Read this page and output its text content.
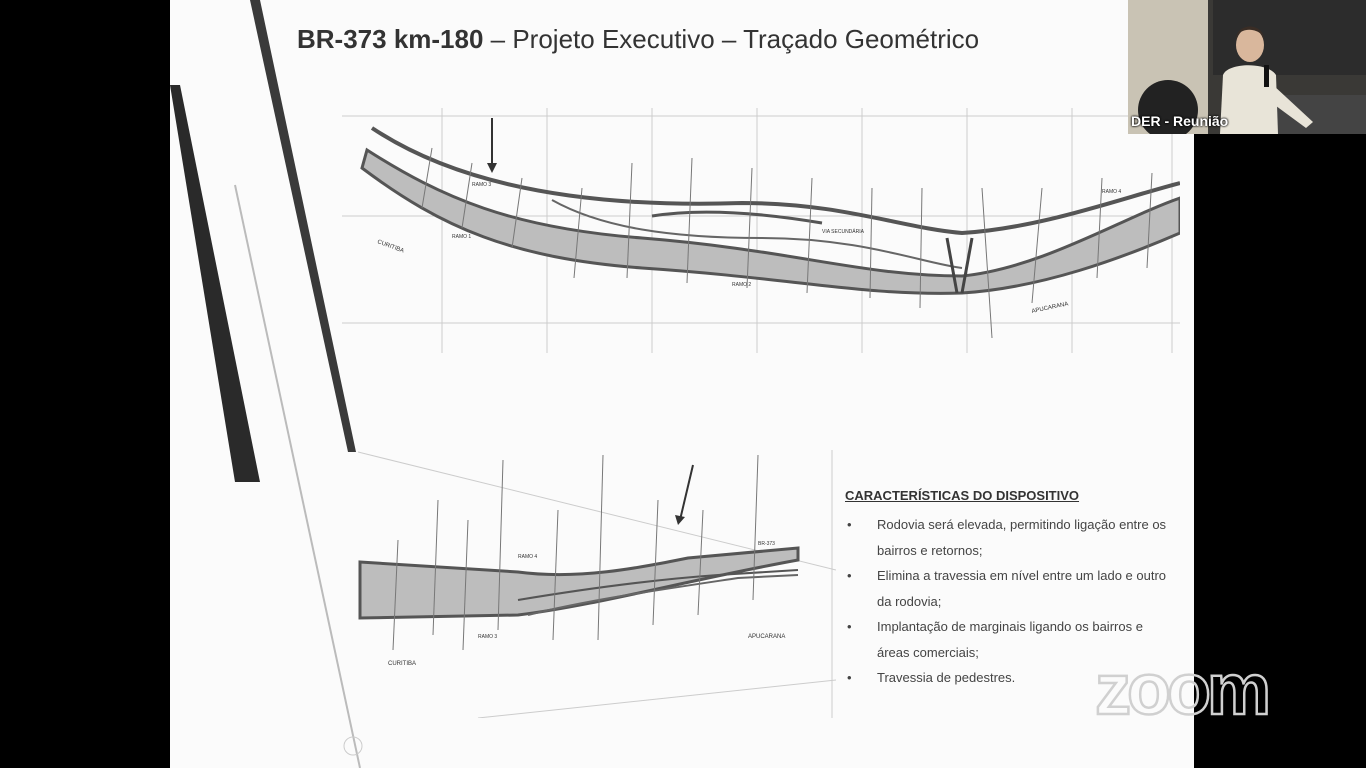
BR-373 km-180 – Projeto Executivo – Traçado Geométrico
CURITIBA
APUCARANA
RAMO 1
RAMO 2
RAMO 3
RAMO 4
VIA SECUNDÁRIA
CURITIBA
APUCARANA
RAMO 3
RAMO 4
BR-373
CARACTERÍSTICAS DO DISPOSITIVO
• Rodovia será elevada, permitindo ligação entre os bairros e retornos;
• Elimina a travessia em nível entre um lado e outro da rodovia;
• Implantação de marginais ligando os bairros e áreas comerciais;
• Travessia de pedestres.
DER - Reunião
zoom
